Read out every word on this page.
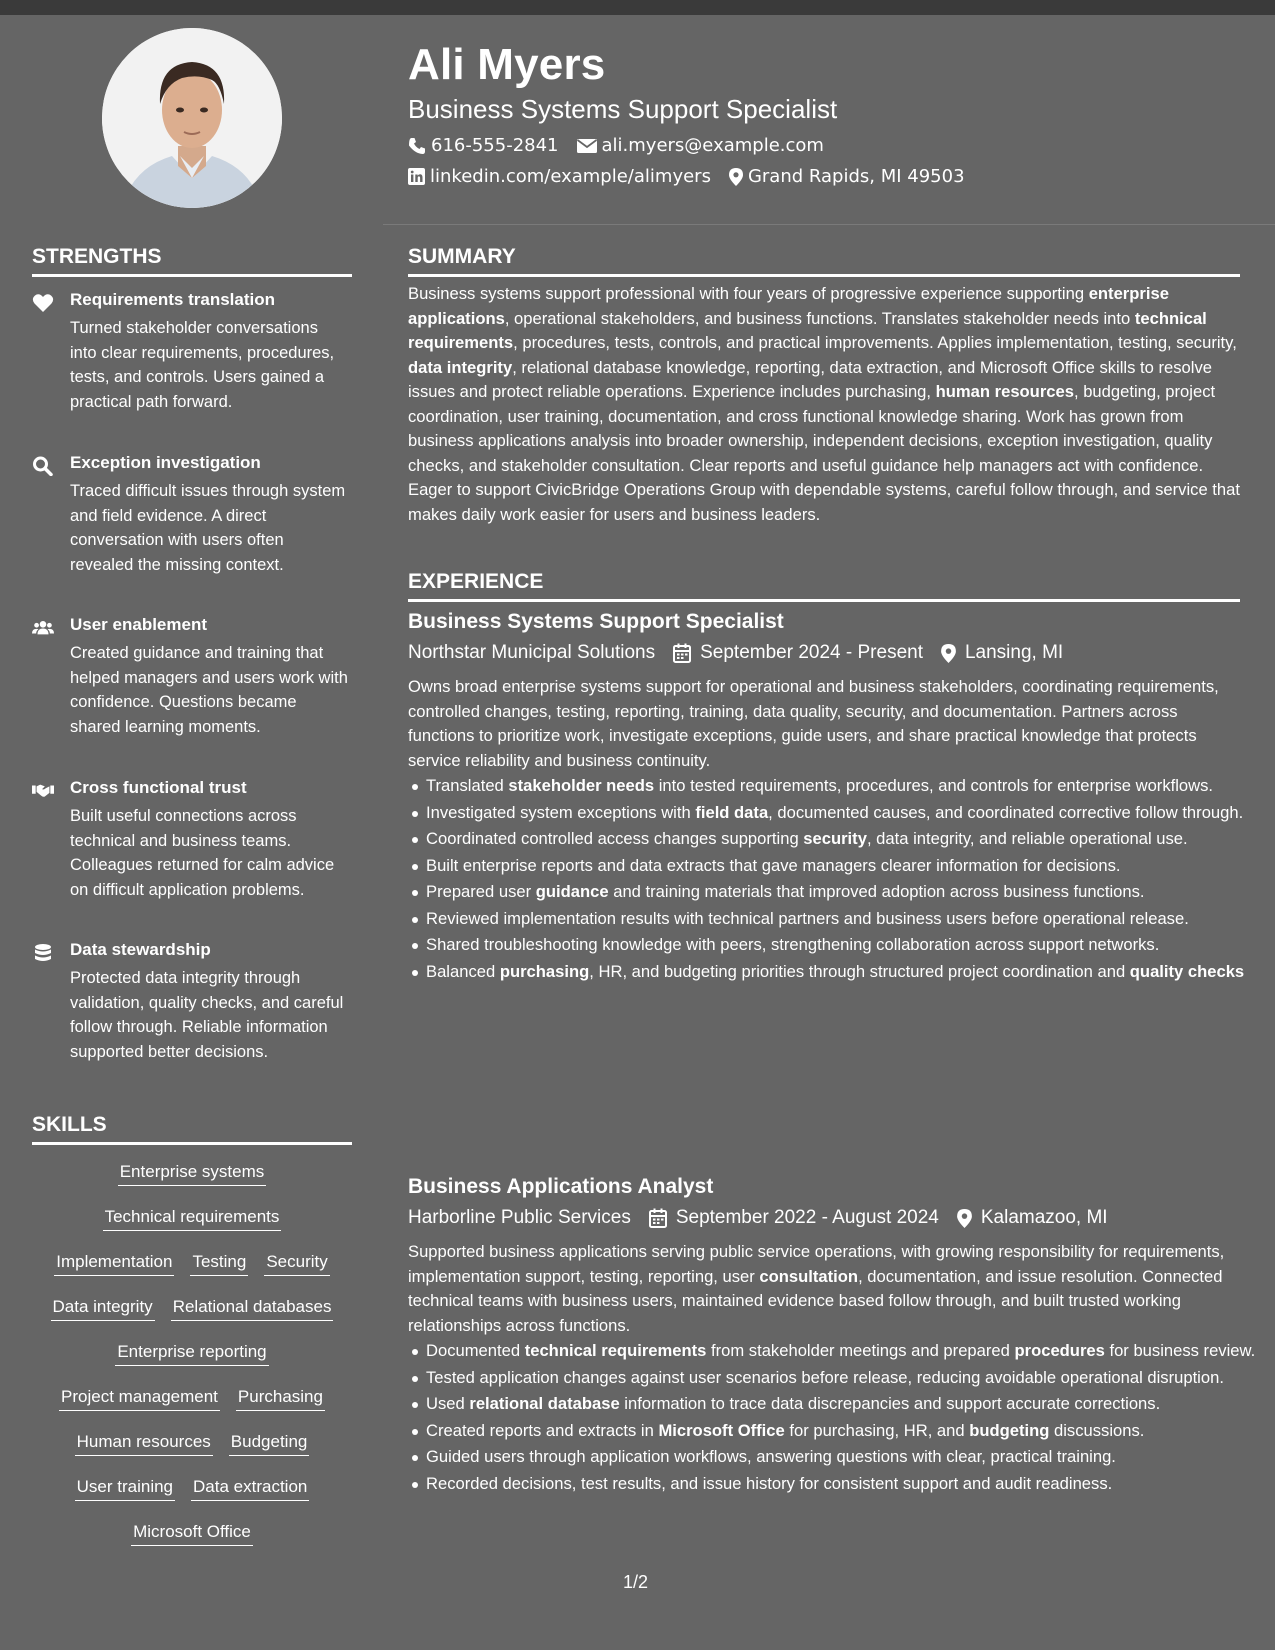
STRENGTHS
Requirements translation
Turned stakeholder conversations into clear requirements, procedures, tests, and controls. Users gained a practical path forward.
Exception investigation
Traced difficult issues through system and field evidence. A direct conversation with users often revealed the missing context.
User enablement
Created guidance and training that helped managers and users work with confidence. Questions became shared learning moments.
Cross functional trust
Built useful connections across technical and business teams. Colleagues returned for calm advice on difficult application problems.
Data stewardship
Protected data integrity through validation, quality checks, and careful follow through. Reliable information supported better decisions.
SKILLS
Enterprise systems
Technical requirements
Implementation Testing Security
Data integrity Relational databases
Enterprise reporting
Project management Purchasing
Human resources Budgeting
User training Data extraction
Microsoft Office
Ali Myers
Business Systems Support Specialist
616-555-2841 ali.myers@example.com
linkedin.com/example/alimyers Grand Rapids, MI 49503
SUMMARY
Business systems support professional with four years of progressive experience supporting enterprise applications, operational stakeholders, and business functions. Translates stakeholder needs into technical requirements, procedures, tests, controls, and practical improvements. Applies implementation, testing, security, data integrity, relational database knowledge, reporting, data extraction, and Microsoft Office skills to resolve issues and protect reliable operations. Experience includes purchasing, human resources, budgeting, project coordination, user training, documentation, and cross functional knowledge sharing. Work has grown from business applications analysis into broader ownership, independent decisions, exception investigation, quality checks, and stakeholder consultation. Clear reports and useful guidance help managers act with confidence. Eager to support CivicBridge Operations Group with dependable systems, careful follow through, and service that makes daily work easier for users and business leaders.
EXPERIENCE
Business Systems Support Specialist
Northstar Municipal Solutions September 2024 - Present Lansing, MI
Owns broad enterprise systems support for operational and business stakeholders, coordinating requirements, controlled changes, testing, reporting, training, data quality, security, and documentation. Partners across functions to prioritize work, investigate exceptions, guide users, and share practical knowledge that protects service reliability and business continuity.
Translated stakeholder needs into tested requirements, procedures, and controls for enterprise workflows.
Investigated system exceptions with field data, documented causes, and coordinated corrective follow through.
Coordinated controlled access changes supporting security, data integrity, and reliable operational use.
Built enterprise reports and data extracts that gave managers clearer information for decisions.
Prepared user guidance and training materials that improved adoption across business functions.
Reviewed implementation results with technical partners and business users before operational release.
Shared troubleshooting knowledge with peers, strengthening collaboration across support networks.
Balanced purchasing, HR, and budgeting priorities through structured project coordination and quality checks
Business Applications Analyst
Harborline Public Services September 2022 - August 2024 Kalamazoo, MI
Supported business applications serving public service operations, with growing responsibility for requirements, implementation support, testing, reporting, user consultation, documentation, and issue resolution. Connected technical teams with business users, maintained evidence based follow through, and built trusted working relationships across functions.
Documented technical requirements from stakeholder meetings and prepared procedures for business review.
Tested application changes against user scenarios before release, reducing avoidable operational disruption.
Used relational database information to trace data discrepancies and support accurate corrections.
Created reports and extracts in Microsoft Office for purchasing, HR, and budgeting discussions.
Guided users through application workflows, answering questions with clear, practical training.
Recorded decisions, test results, and issue history for consistent support and audit readiness.
1/2
